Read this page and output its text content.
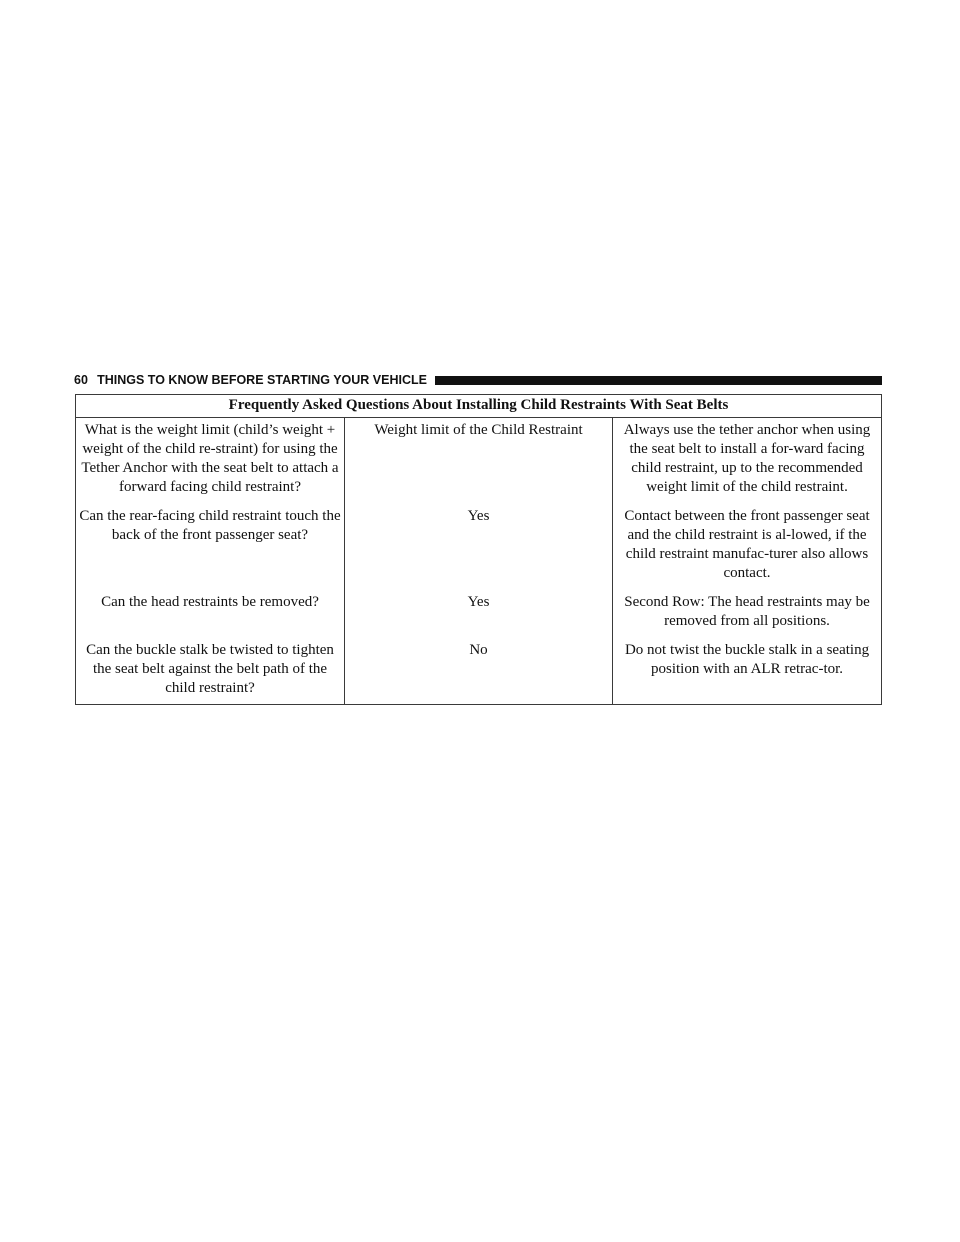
60 THINGS TO KNOW BEFORE STARTING YOUR VEHICLE
Frequently Asked Questions About Installing Child Restraints With Seat Belts		
What is the weight limit (child’s weight + weight of the child re-straint) for using the Tether Anchor with the seat belt to attach a forward facing child restraint?	Weight limit of the Child Restraint	Always use the tether anchor when using the seat belt to install a for-ward facing child restraint, up to the recommended weight limit of the child restraint.
Can the rear-facing child restraint touch the back of the front passenger seat?	Yes	Contact between the front passenger seat and the child restraint is al-lowed, if the child restraint manufac-turer also allows contact.
Can the head restraints be removed?	Yes	Second Row: The head restraints may be removed from all positions.
Can the buckle stalk be twisted to tighten the seat belt against the belt path of the child restraint?	No	Do not twist the buckle stalk in a seating position with an ALR retrac-tor.
